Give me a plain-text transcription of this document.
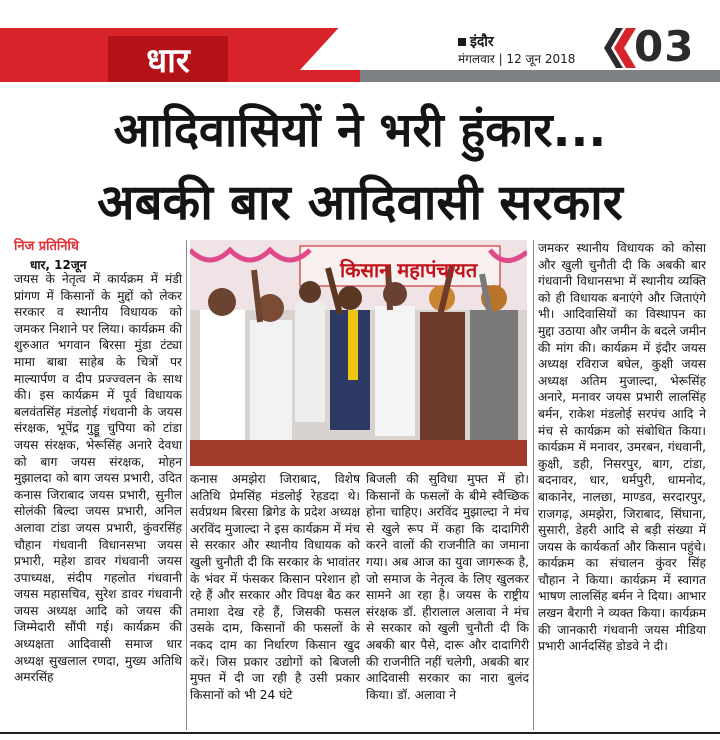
धार	इंदौर
मंगलवार | 12 जून 2018 03
आदिवासियों ने भरी हुंकार...
अबकी बार आदिवासी सरकार
निज प्रतिनिधि
धार, 12जून
जयस के नेतृत्व में कार्यक्रम में मंडी प्रांगण में किसानों के मुद्दों को लेकर सरकार व स्थानीय विधायक को जमकर निशाने पर लिया। कार्यक्रम की शुरुआत भगवान बिरसा मुंडा टंट्या मामा बाबा साहेब के चित्रों पर माल्यार्पण व दीप प्रज्ज्वलन के साथ की। इस कार्यक्रम में पूर्व विधायक बलवंतसिंह मंडलोई गंधवानी के जयस संरक्षक, भूपेंद्र गुड्डू चुपिया को टांडा जयस संरक्षक, भेरूसिंह अनारे देवधा को बाग जयस संरक्षक, मोहन मुझालदा को बाग जयस प्रभारी, उदित कनास जिराबाद जयस प्रभारी, सुनील सोलंकी बिल्दा जयस प्रभारी, अनिल अलावा टांडा जयस प्रभारी, कुंवरसिंह चौहान गंधवानी विधानसभा जयस प्रभारी, महेश डावर गंधवानी जयस उपाध्यक्ष, संदीप गहलोत गंधवानी जयस महासचिव, सुरेश डावर गंधवानी जयस अध्यक्ष आदि को जयस की जिम्मेदारी सौंपी गई। कार्यक्रम की अध्यक्षता आदिवासी समाज धार अध्यक्ष सुखलाल रणदा, मुख्य अतिथि अमरसिंह
किसान महापंचायत
कनास अमझेरा जिराबाद, विशेष अतिथि प्रेमसिंह मंडलोई रेहडदा थे। सर्वप्रथम बिरसा ब्रिगेड के प्रदेश अध्यक्ष अरविंद मुजाल्दा ने इस कार्यक्रम में मंच से सरकार और स्थानीय विधायक को खुली चुनौती दी कि सरकार के भावांतर के भंवर में फंसकर किसान परेशान हो रहे हैं और सरकार और विपक्ष बैठ कर तमाशा देख रहे हैं, जिसकी फसल उसके दाम, किसानों की फसलों के नकद दाम का निर्धारण किसान खुद करें। जिस प्रकार उद्योगों को बिजली मुफ्त में दी जा रही है उसी प्रकार किसानों को भी 24 घंटे
बिजली की सुविधा मुफ्त में हो। किसानों के फसलों के बीमे स्वैच्छिक होना चाहिए। अरविंद मुझाल्दा ने मंच से खुले रूप में कहा कि दादागिरी करने वालों की राजनीति का जमाना गया। अब आज का युवा जागरूक है, जो समाज के नेतृत्व के लिए खुलकर सामने आ रहा है। जयस के राष्ट्रीय संरक्षक डॉ. हीरालाल अलावा ने मंच से सरकार को खुली चुनौती दी कि अबकी बार पैसे, दारू और दादागिरी की राजनीति नहीं चलेगी, अबकी बार आदिवासी सरकार का नारा बुलंद किया। डॉ. अलावा ने
जमकर स्थानीय विधायक को कोसा और खुली चुनौती दी कि अबकी बार गंधवानी विधानसभा में स्थानीय व्यक्ति को ही विधायक बनाएंगे और जिताएंगे भी। आदिवासियों का विस्थापन का मुद्दा उठाया और जमीन के बदले जमीन की मांग की। कार्यक्रम में इंदौर जयस अध्यक्ष रविराज बघेल, कुक्षी जयस अध्यक्ष अतिम मुजाल्दा, भेरूसिंह अनारे, मनावर जयस प्रभारी लालसिंह बर्मन, राकेश मंडलोई सरपंच आदि ने मंच से कार्यक्रम को संबोधित किया। कार्यक्रम में मनावर, उमरबन, गंधवानी, कुक्षी, डही, निसरपुर, बाग, टांडा, बदनावर, धार, धर्मपुरी, धामनोद, बाकानेर, नालछा, माण्डव, सरदारपुर, राजगढ़, अमझेरा, जिराबाद, सिंघाना, सुसारी, डेहरी आदि से बड़ी संख्या में जयस के कार्यकर्ता और किसान पहुंचे। कार्यक्रम का संचालन कुंवर सिंह चौहान ने किया। कार्यक्रम में स्वागत भाषण लालसिंह बर्मन ने दिया। आभार लखन बैरागी ने व्यक्त किया। कार्यक्रम की जानकारी गंधवानी जयस मीडिया प्रभारी आर्नदसिंह डोडवे ने दी।
